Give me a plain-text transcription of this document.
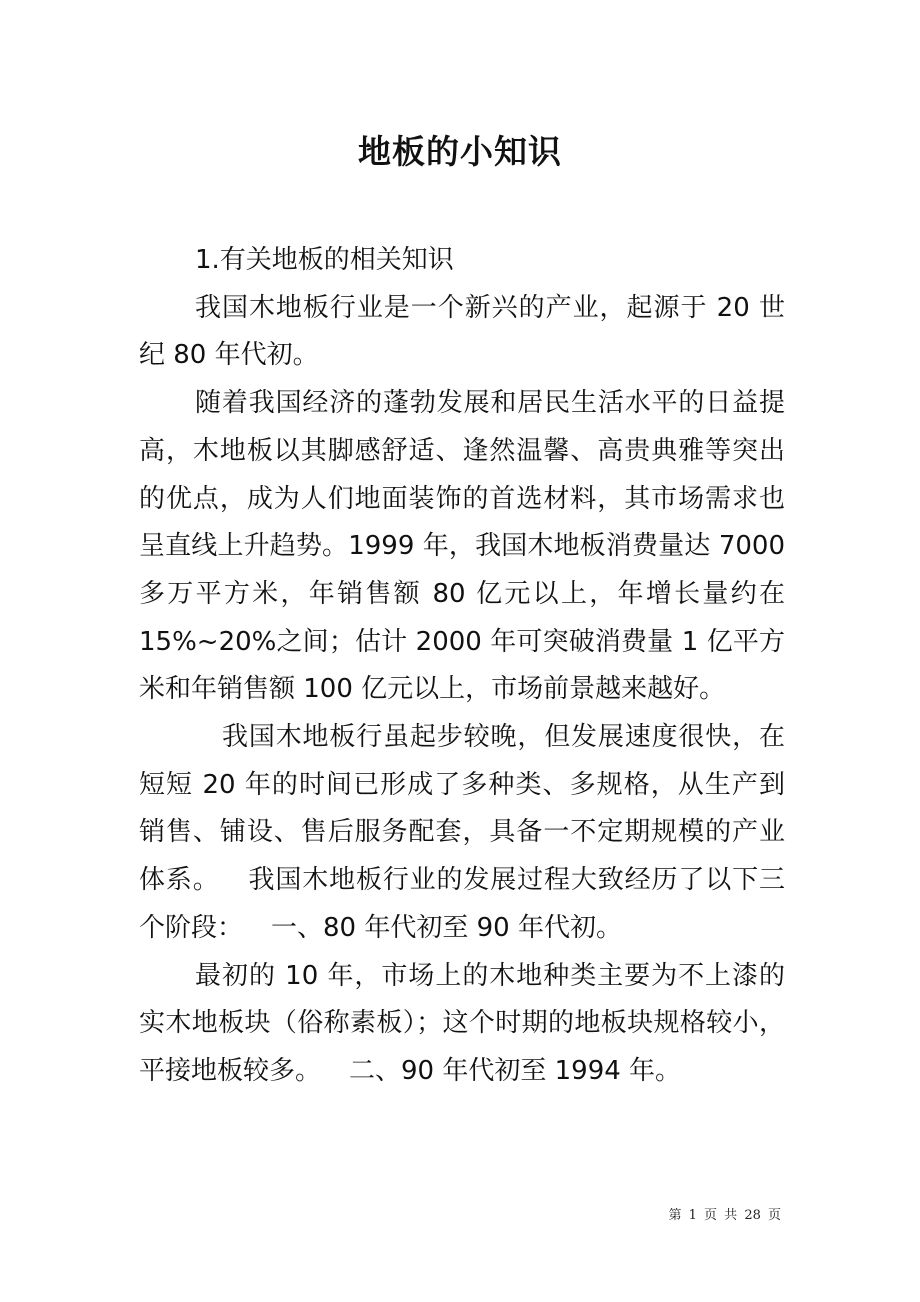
地板的小知识

1.有关地板的相关知识

我国木地板行业是一个新兴的产业，起源于 20 世纪 80 年代初。

随着我国经济的蓬勃发展和居民生活水平的日益提高，木地板以其脚感舒适、逢然温馨、高贵典雅等突出的优点，成为人们地面装饰的首选材料，其市场需求也呈直线上升趋势。1999 年，我国木地板消费量达 7000 多万平方米，年销售额 80 亿元以上，年增长量约在 15%~20%之间；估计 2000 年可突破消费量 1 亿平方米和年销售额 100 亿元以上，市场前景越来越好。

我国木地板行虽起步较晚，但发展速度很快，在短短 20 年的时间已形成了多种类、多规格，从生产到销售、铺设、售后服务配套，具备一不定期规模的产业体系。 我国木地板行业的发展过程大致经历了以下三个阶段： 一、80 年代初至 90 年代初。

最初的 10 年，市场上的木地种类主要为不上漆的实木地板块（俗称素板）；这个时期的地板块规格较小，平接地板较多。 二、90 年代初至 1994 年。

第 1 页 共 28 页
